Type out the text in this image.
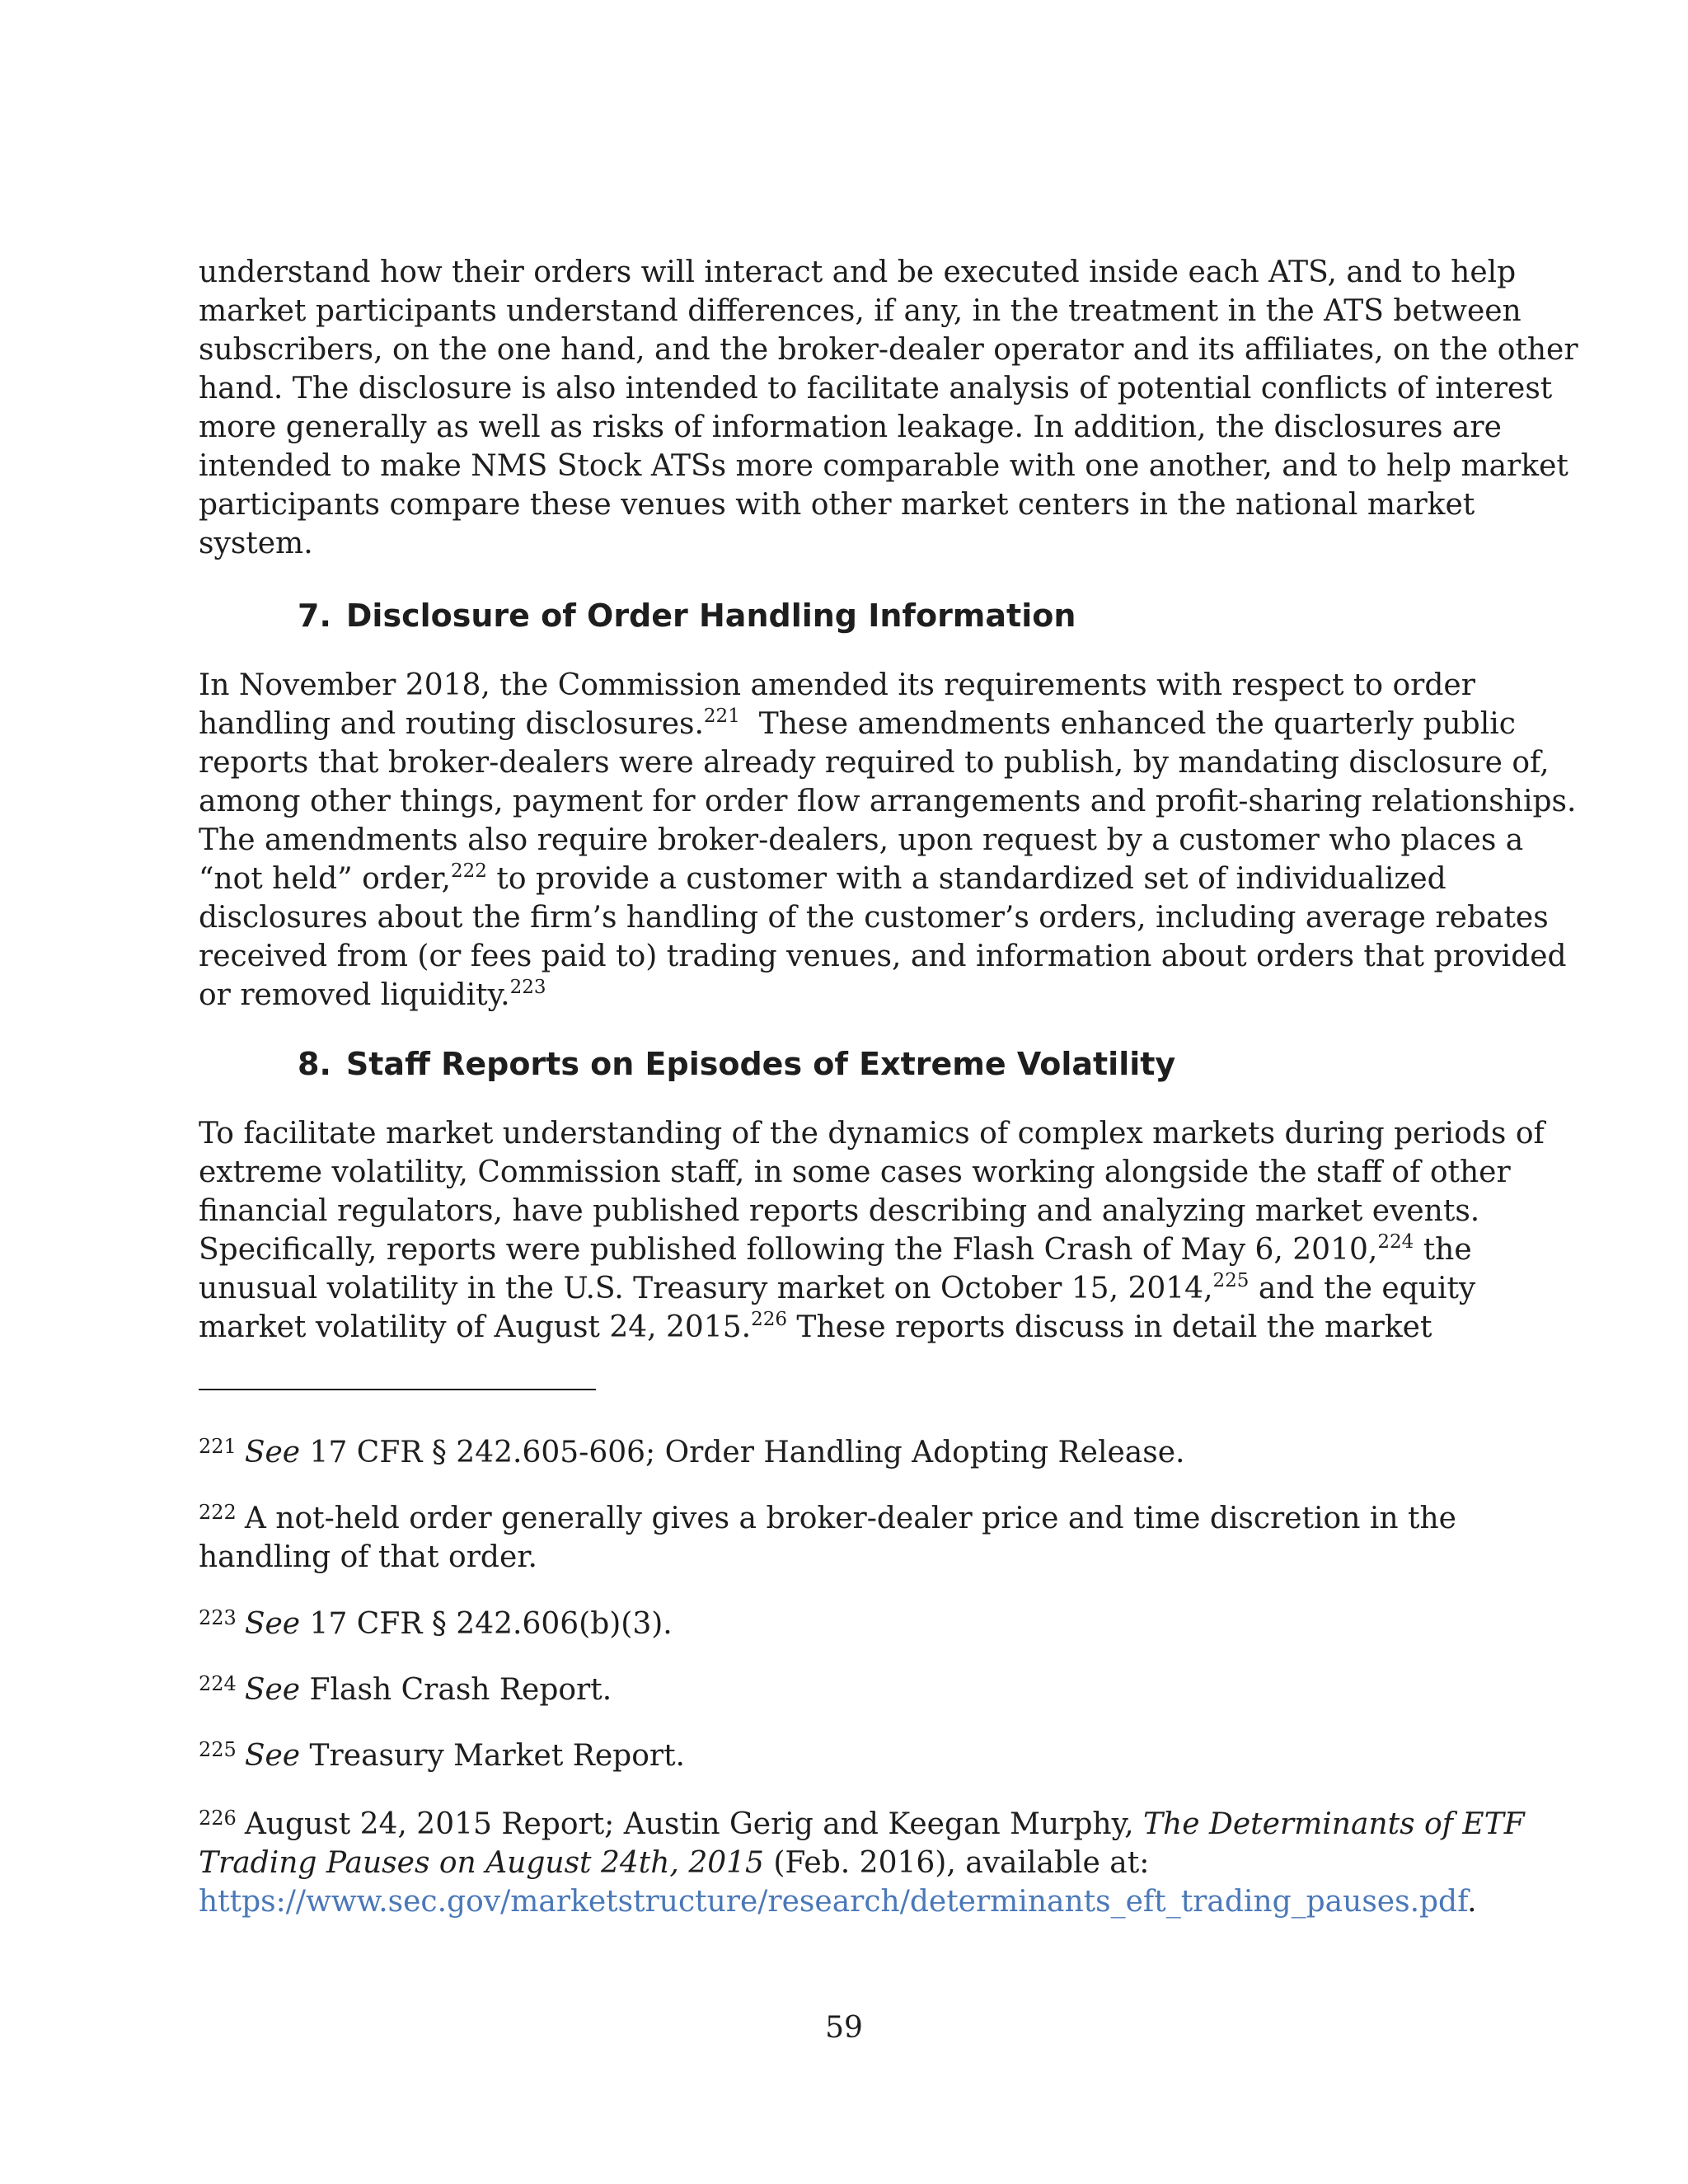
understand how their orders will interact and be executed inside each ATS, and to help
market participants understand differences, if any, in the treatment in the ATS between
subscribers, on the one hand, and the broker-dealer operator and its affiliates, on the other
hand. The disclosure is also intended to facilitate analysis of potential conflicts of interest
more generally as well as risks of information leakage. In addition, the disclosures are
intended to make NMS Stock ATSs more comparable with one another, and to help market
participants compare these venues with other market centers in the national market
system.
7. Disclosure of Order Handling Information
In November 2018, the Commission amended its requirements with respect to order
handling and routing disclosures.$^{221}$  These amendments enhanced the quarterly public
reports that broker-dealers were already required to publish, by mandating disclosure of,
among other things, payment for order flow arrangements and profit-sharing relationships.
The amendments also require broker-dealers, upon request by a customer who places a
“not held” order,$^{222}$ to provide a customer with a standardized set of individualized
disclosures about the firm’s handling of the customer’s orders, including average rebates
received from (or fees paid to) trading venues, and information about orders that provided
or removed liquidity.$^{223}$
8. Staff Reports on Episodes of Extreme Volatility
To facilitate market understanding of the dynamics of complex markets during periods of
extreme volatility, Commission staff, in some cases working alongside the staff of other
financial regulators, have published reports describing and analyzing market events.
Specifically, reports were published following the Flash Crash of May 6, 2010,$^{224}$ the
unusual volatility in the U.S. Treasury market on October 15, 2014,$^{225}$ and the equity
market volatility of August 24, 2015.$^{226}$ These reports discuss in detail the market

$^{221}$ See 17 CFR § 242.605-606; Order Handling Adopting Release.

$^{222}$ A not-held order generally gives a broker-dealer price and time discretion in the
handling of that order.

$^{223}$ See 17 CFR § 242.606(b)(3).

$^{224}$ See Flash Crash Report.

$^{225}$ See Treasury Market Report.

$^{226}$ August 24, 2015 Report; Austin Gerig and Keegan Murphy, The Determinants of ETF
Trading Pauses on August 24th, 2015 (Feb. 2016), available at:
https://www.sec.gov/marketstructure/research/determinants_eft_trading_pauses.pdf.

59
